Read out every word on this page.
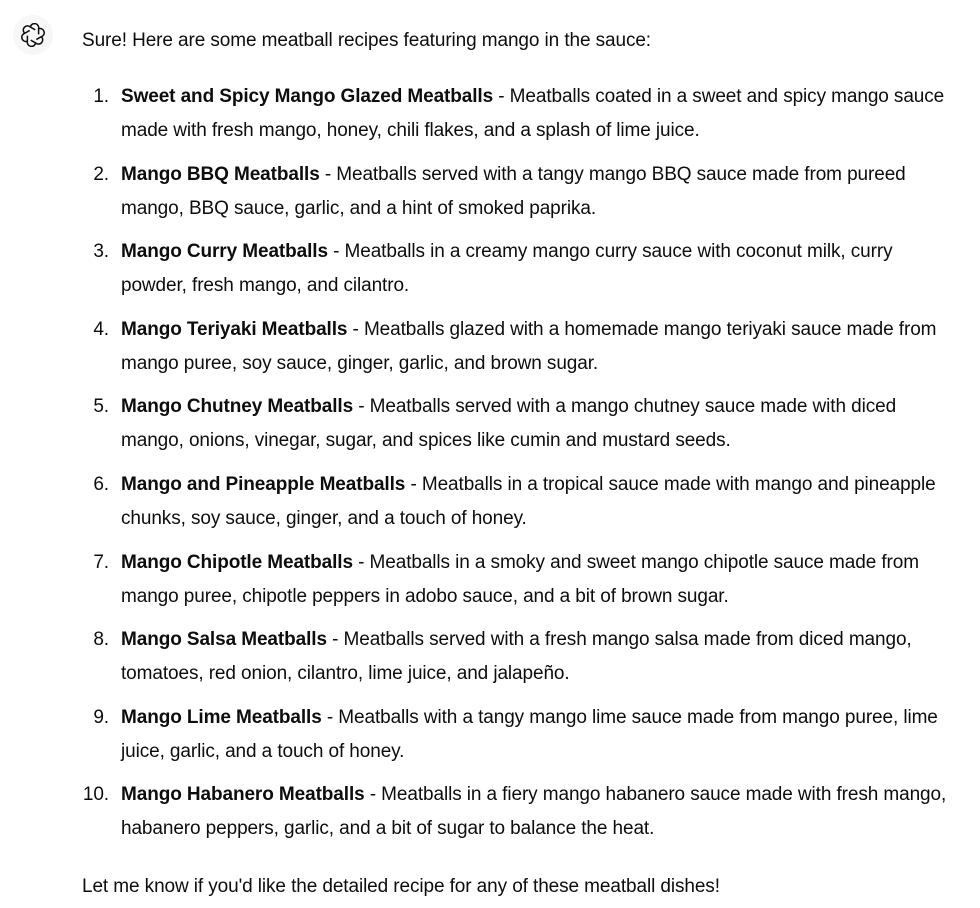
Sure! Here are some meatball recipes featuring mango in the sauce:

1. Sweet and Spicy Mango Glazed Meatballs - Meatballs coated in a sweet and spicy mango sauce made with fresh mango, honey, chili flakes, and a splash of lime juice.
2. Mango BBQ Meatballs - Meatballs served with a tangy mango BBQ sauce made from pureed mango, BBQ sauce, garlic, and a hint of smoked paprika.
3. Mango Curry Meatballs - Meatballs in a creamy mango curry sauce with coconut milk, curry powder, fresh mango, and cilantro.
4. Mango Teriyaki Meatballs - Meatballs glazed with a homemade mango teriyaki sauce made from mango puree, soy sauce, ginger, garlic, and brown sugar.
5. Mango Chutney Meatballs - Meatballs served with a mango chutney sauce made with diced mango, onions, vinegar, sugar, and spices like cumin and mustard seeds.
6. Mango and Pineapple Meatballs - Meatballs in a tropical sauce made with mango and pineapple chunks, soy sauce, ginger, and a touch of honey.
7. Mango Chipotle Meatballs - Meatballs in a smoky and sweet mango chipotle sauce made from mango puree, chipotle peppers in adobo sauce, and a bit of brown sugar.
8. Mango Salsa Meatballs - Meatballs served with a fresh mango salsa made from diced mango, tomatoes, red onion, cilantro, lime juice, and jalapeño.
9. Mango Lime Meatballs - Meatballs with a tangy mango lime sauce made from mango puree, lime juice, garlic, and a touch of honey.
10. Mango Habanero Meatballs - Meatballs in a fiery mango habanero sauce made with fresh mango, habanero peppers, garlic, and a bit of sugar to balance the heat.

Let me know if you'd like the detailed recipe for any of these meatball dishes!
